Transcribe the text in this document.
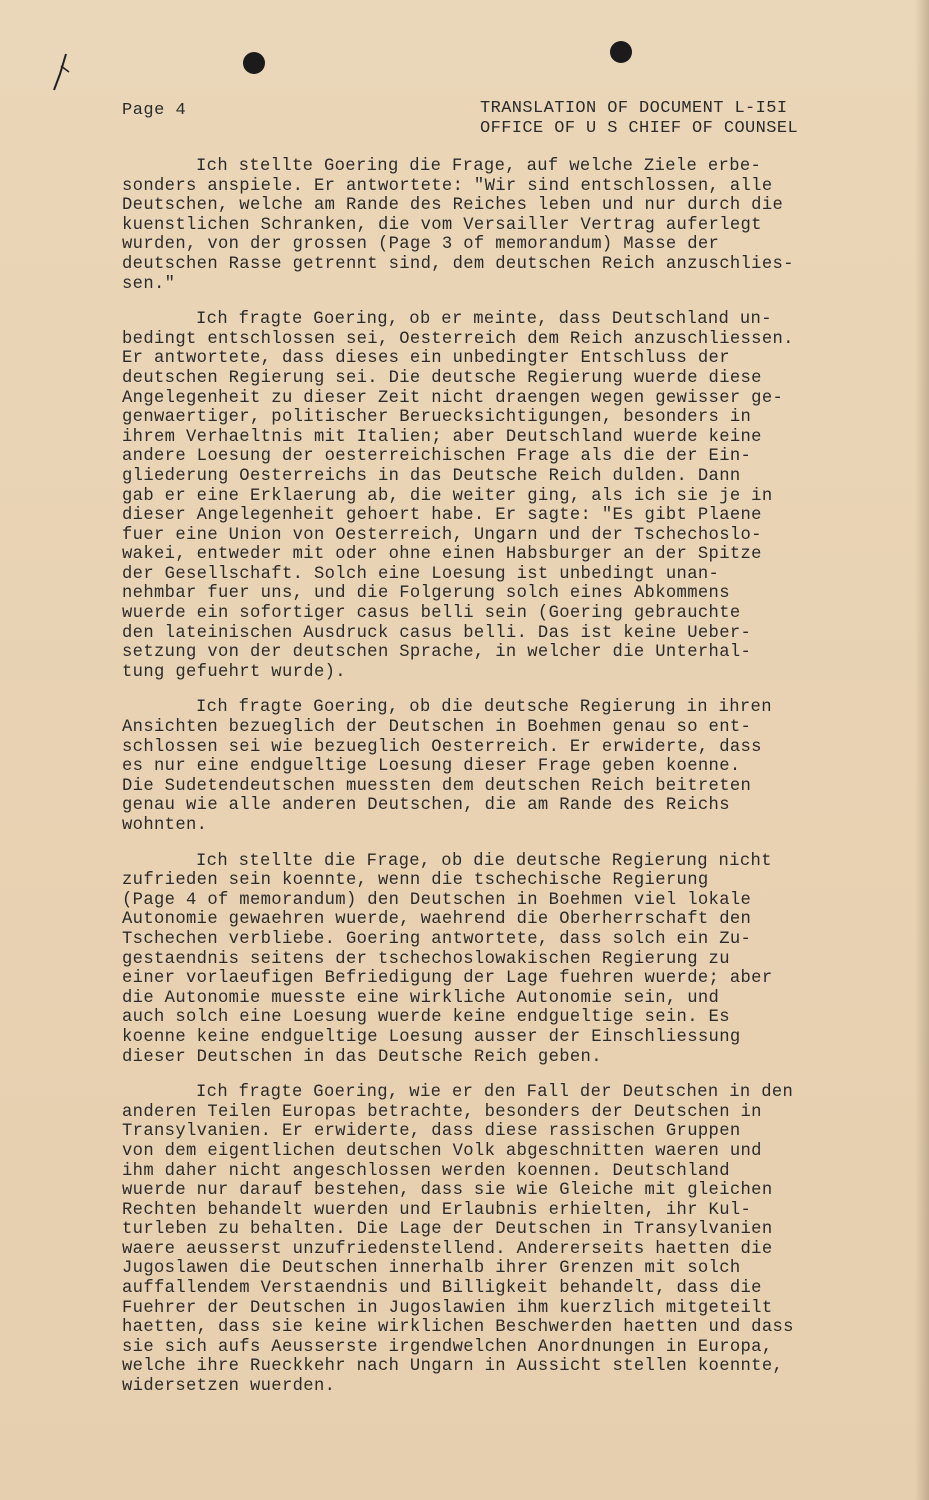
Page 4	TRANSLATION OF DOCUMENT L-I5I
OFFICE OF U S CHIEF OF COUNSEL
Ich stellte Goering die Frage, auf welche Ziele erbe-
sonders anspiele. Er antwortete: "Wir sind entschlossen, alle
Deutschen, welche am Rande des Reiches leben und nur durch die
kuenstlichen Schranken, die vom Versailler Vertrag auferlegt
wurden, von der grossen (Page 3 of memorandum) Masse der
deutschen Rasse getrennt sind, dem deutschen Reich anzuschlies-
sen."
Ich fragte Goering, ob er meinte, dass Deutschland un-
bedingt entschlossen sei, Oesterreich dem Reich anzuschliessen.
Er antwortete, dass dieses ein unbedingter Entschluss der
deutschen Regierung sei. Die deutsche Regierung wuerde diese
Angelegenheit zu dieser Zeit nicht draengen wegen gewisser ge-
genwaertiger, politischer Beruecksichtigungen, besonders in
ihrem Verhaeltnis mit Italien; aber Deutschland wuerde keine
andere Loesung der oesterreichischen Frage als die der Ein-
gliederung Oesterreichs in das Deutsche Reich dulden. Dann
gab er eine Erklaerung ab, die weiter ging, als ich sie je in
dieser Angelegenheit gehoert habe. Er sagte: "Es gibt Plaene
fuer eine Union von Oesterreich, Ungarn und der Tschechoslo-
wakei, entweder mit oder ohne einen Habsburger an der Spitze
der Gesellschaft. Solch eine Loesung ist unbedingt unan-
nehmbar fuer uns, und die Folgerung solch eines Abkommens
wuerde ein sofortiger casus belli sein (Goering gebrauchte
den lateinischen Ausdruck casus belli. Das ist keine Ueber-
setzung von der deutschen Sprache, in welcher die Unterhal-
tung gefuehrt wurde).
Ich fragte Goering, ob die deutsche Regierung in ihren
Ansichten bezueglich der Deutschen in Boehmen genau so ent-
schlossen sei wie bezueglich Oesterreich. Er erwiderte, dass
es nur eine endgueltige Loesung dieser Frage geben koenne.
Die Sudetendeutschen muessten dem deutschen Reich beitreten
genau wie alle anderen Deutschen, die am Rande des Reichs
wohnten.
Ich stellte die Frage, ob die deutsche Regierung nicht
zufrieden sein koennte, wenn die tschechische Regierung
(Page 4 of memorandum) den Deutschen in Boehmen viel lokale
Autonomie gewaehren wuerde, waehrend die Oberherrschaft den
Tschechen verbliebe. Goering antwortete, dass solch ein Zu-
gestaendnis seitens der tschechoslowakischen Regierung zu
einer vorlaeufigen Befriedigung der Lage fuehren wuerde; aber
die Autonomie muesste eine wirkliche Autonomie sein, und
auch solch eine Loesung wuerde keine endgueltige sein. Es
koenne keine endgueltige Loesung ausser der Einschliessung
dieser Deutschen in das Deutsche Reich geben.
Ich fragte Goering, wie er den Fall der Deutschen in den
anderen Teilen Europas betrachte, besonders der Deutschen in
Transylvanien. Er erwiderte, dass diese rassischen Gruppen
von dem eigentlichen deutschen Volk abgeschnitten waeren und
ihm daher nicht angeschlossen werden koennen. Deutschland
wuerde nur darauf bestehen, dass sie wie Gleiche mit gleichen
Rechten behandelt wuerden und Erlaubnis erhielten, ihr Kul-
turleben zu behalten. Die Lage der Deutschen in Transylvanien
waere aeusserst unzufriedenstellend. Andererseits haetten die
Jugoslawen die Deutschen innerhalb ihrer Grenzen mit solch
auffallendem Verstaendnis und Billigkeit behandelt, dass die
Fuehrer der Deutschen in Jugoslawien ihm kuerzlich mitgeteilt
haetten, dass sie keine wirklichen Beschwerden haetten und dass
sie sich aufs Aeusserste irgendwelchen Anordnungen in Europa,
welche ihre Rueckkehr nach Ungarn in Aussicht stellen koennte,
widersetzen wuerden.
